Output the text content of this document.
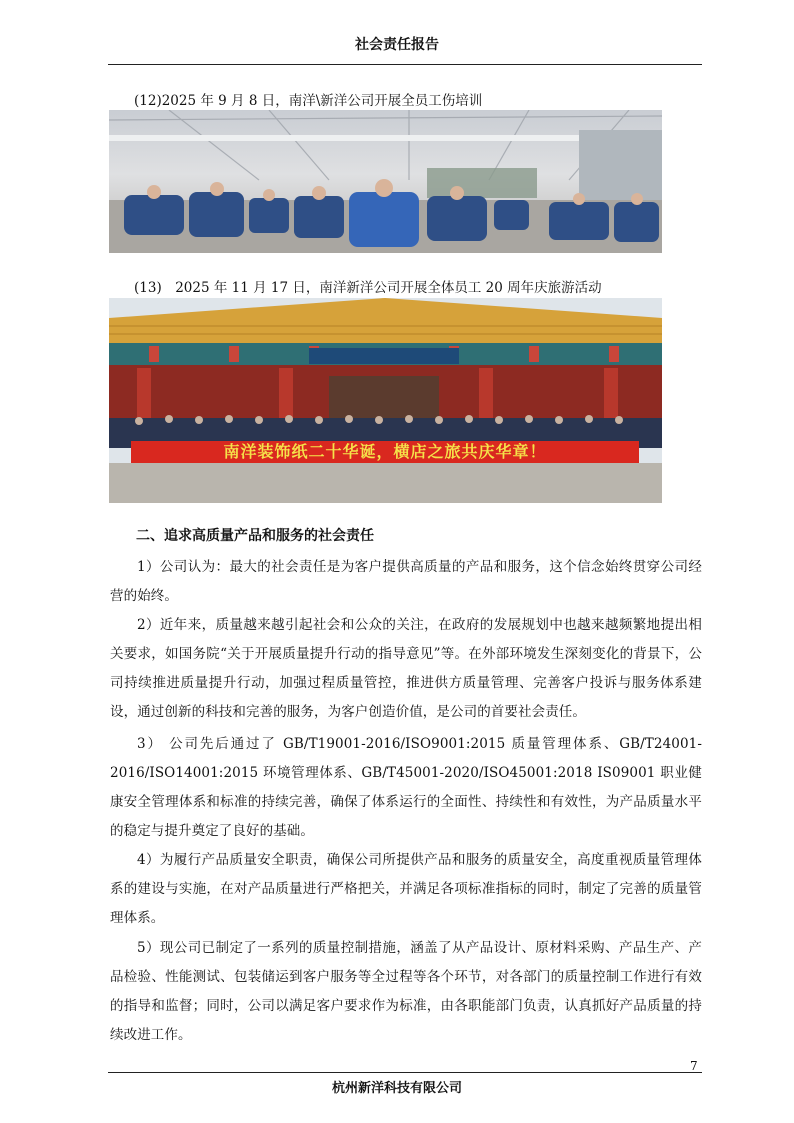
社会责任报告
(12)2025 年 9 月 8 日，南洋\新洋公司开展全员工伤培训
(13)　2025 年 11 月 17 日，南洋新洋公司开展全体员工 20 周年庆旅游活动
南洋装饰纸二十华诞，横店之旅共庆华章！
二、追求高质量产品和服务的社会责任
1）公司认为：最大的社会责任是为客户提供高质量的产品和服务，这个信念始终贯穿公司经营的始终。
2）近年来，质量越来越引起社会和公众的关注，在政府的发展规划中也越来越频繁地提出相关要求，如国务院“关于开展质量提升行动的指导意见”等。在外部环境发生深刻变化的背景下，公司持续推进质量提升行动，加强过程质量管控，推进供方质量管理、完善客户投诉与服务体系建设，通过创新的科技和完善的服务，为客户创造价值，是公司的首要社会责任。
3） 公司先后通过了 GB/T19001-2016/ISO9001:2015 质量管理体系、GB/T24001-2016/ISO14001:2015 环境管理体系、GB/T45001-2020/ISO45001:2018 IS09001 职业健康安全管理体系和标准的持续完善，确保了体系运行的全面性、持续性和有效性，为产品质量水平的稳定与提升奠定了良好的基础。
4）为履行产品质量安全职责，确保公司所提供产品和服务的质量安全，高度重视质量管理体系的建设与实施，在对产品质量进行严格把关，并满足各项标准指标的同时，制定了完善的质量管理体系。
5）现公司已制定了一系列的质量控制措施，涵盖了从产品设计、原材料采购、产品生产、产品检验、性能测试、包装储运到客户服务等全过程等各个环节，对各部门的质量控制工作进行有效的指导和监督；同时，公司以满足客户要求作为标准，由各职能部门负责，认真抓好产品质量的持续改进工作。
7
杭州新洋科技有限公司
